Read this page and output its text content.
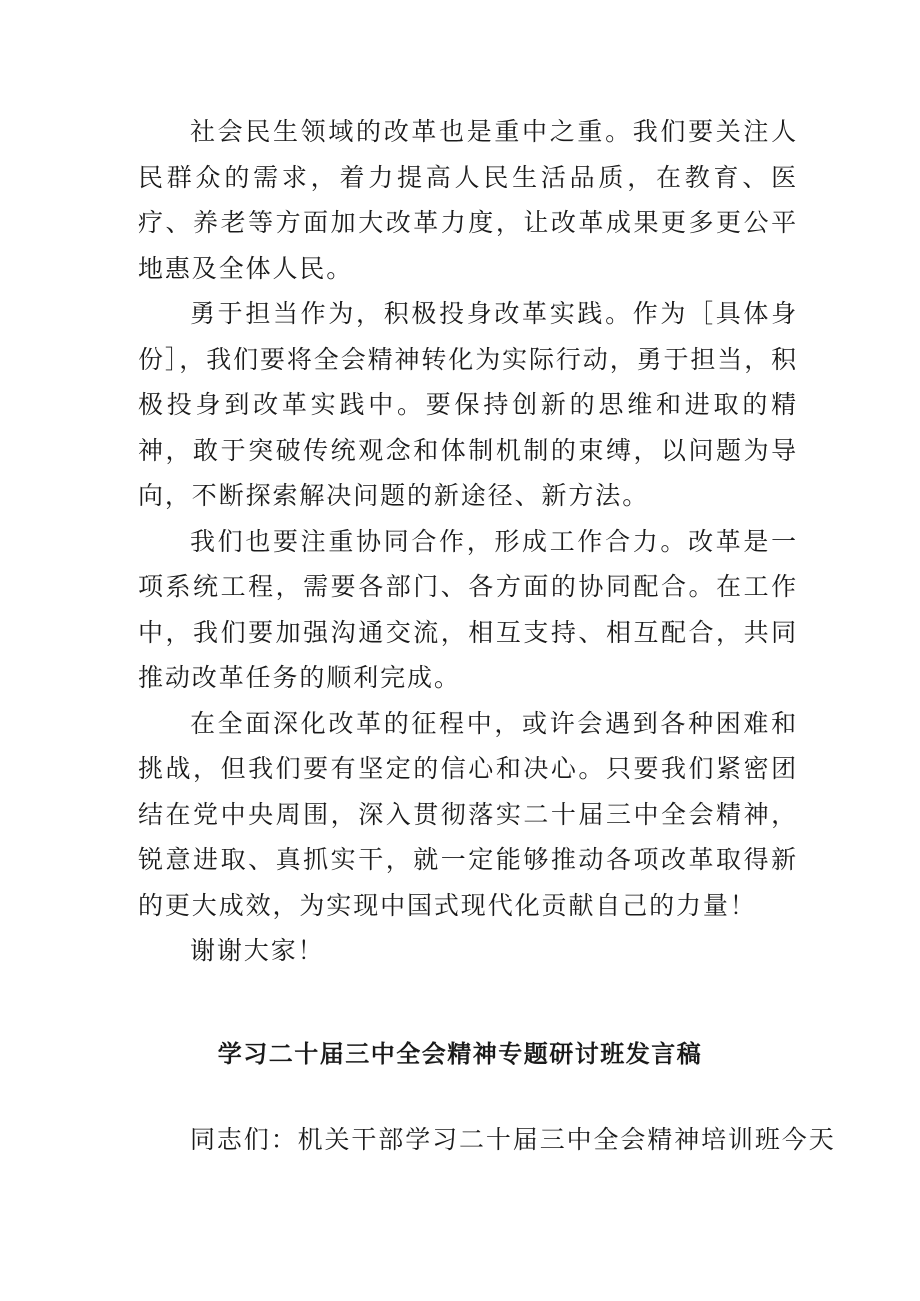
社会民生领域的改革也是重中之重。我们要关注人民群众的需求，着力提高人民生活品质，在教育、医疗、养老等方面加大改革力度，让改革成果更多更公平地惠及全体人民。

勇于担当作为，积极投身改革实践。作为［具体身份］，我们要将全会精神转化为实际行动，勇于担当，积极投身到改革实践中。要保持创新的思维和进取的精神，敢于突破传统观念和体制机制的束缚，以问题为导向，不断探索解决问题的新途径、新方法。

我们也要注重协同合作，形成工作合力。改革是一项系统工程，需要各部门、各方面的协同配合。在工作中，我们要加强沟通交流，相互支持、相互配合，共同推动改革任务的顺利完成。

在全面深化改革的征程中，或许会遇到各种困难和挑战，但我们要有坚定的信心和决心。只要我们紧密团结在党中央周围，深入贯彻落实二十届三中全会精神，锐意进取、真抓实干，就一定能够推动各项改革取得新的更大成效，为实现中国式现代化贡献自己的力量！

谢谢大家！

学习二十届三中全会精神专题研讨班发言稿

同志们：机关干部学习二十届三中全会精神培训班今天
